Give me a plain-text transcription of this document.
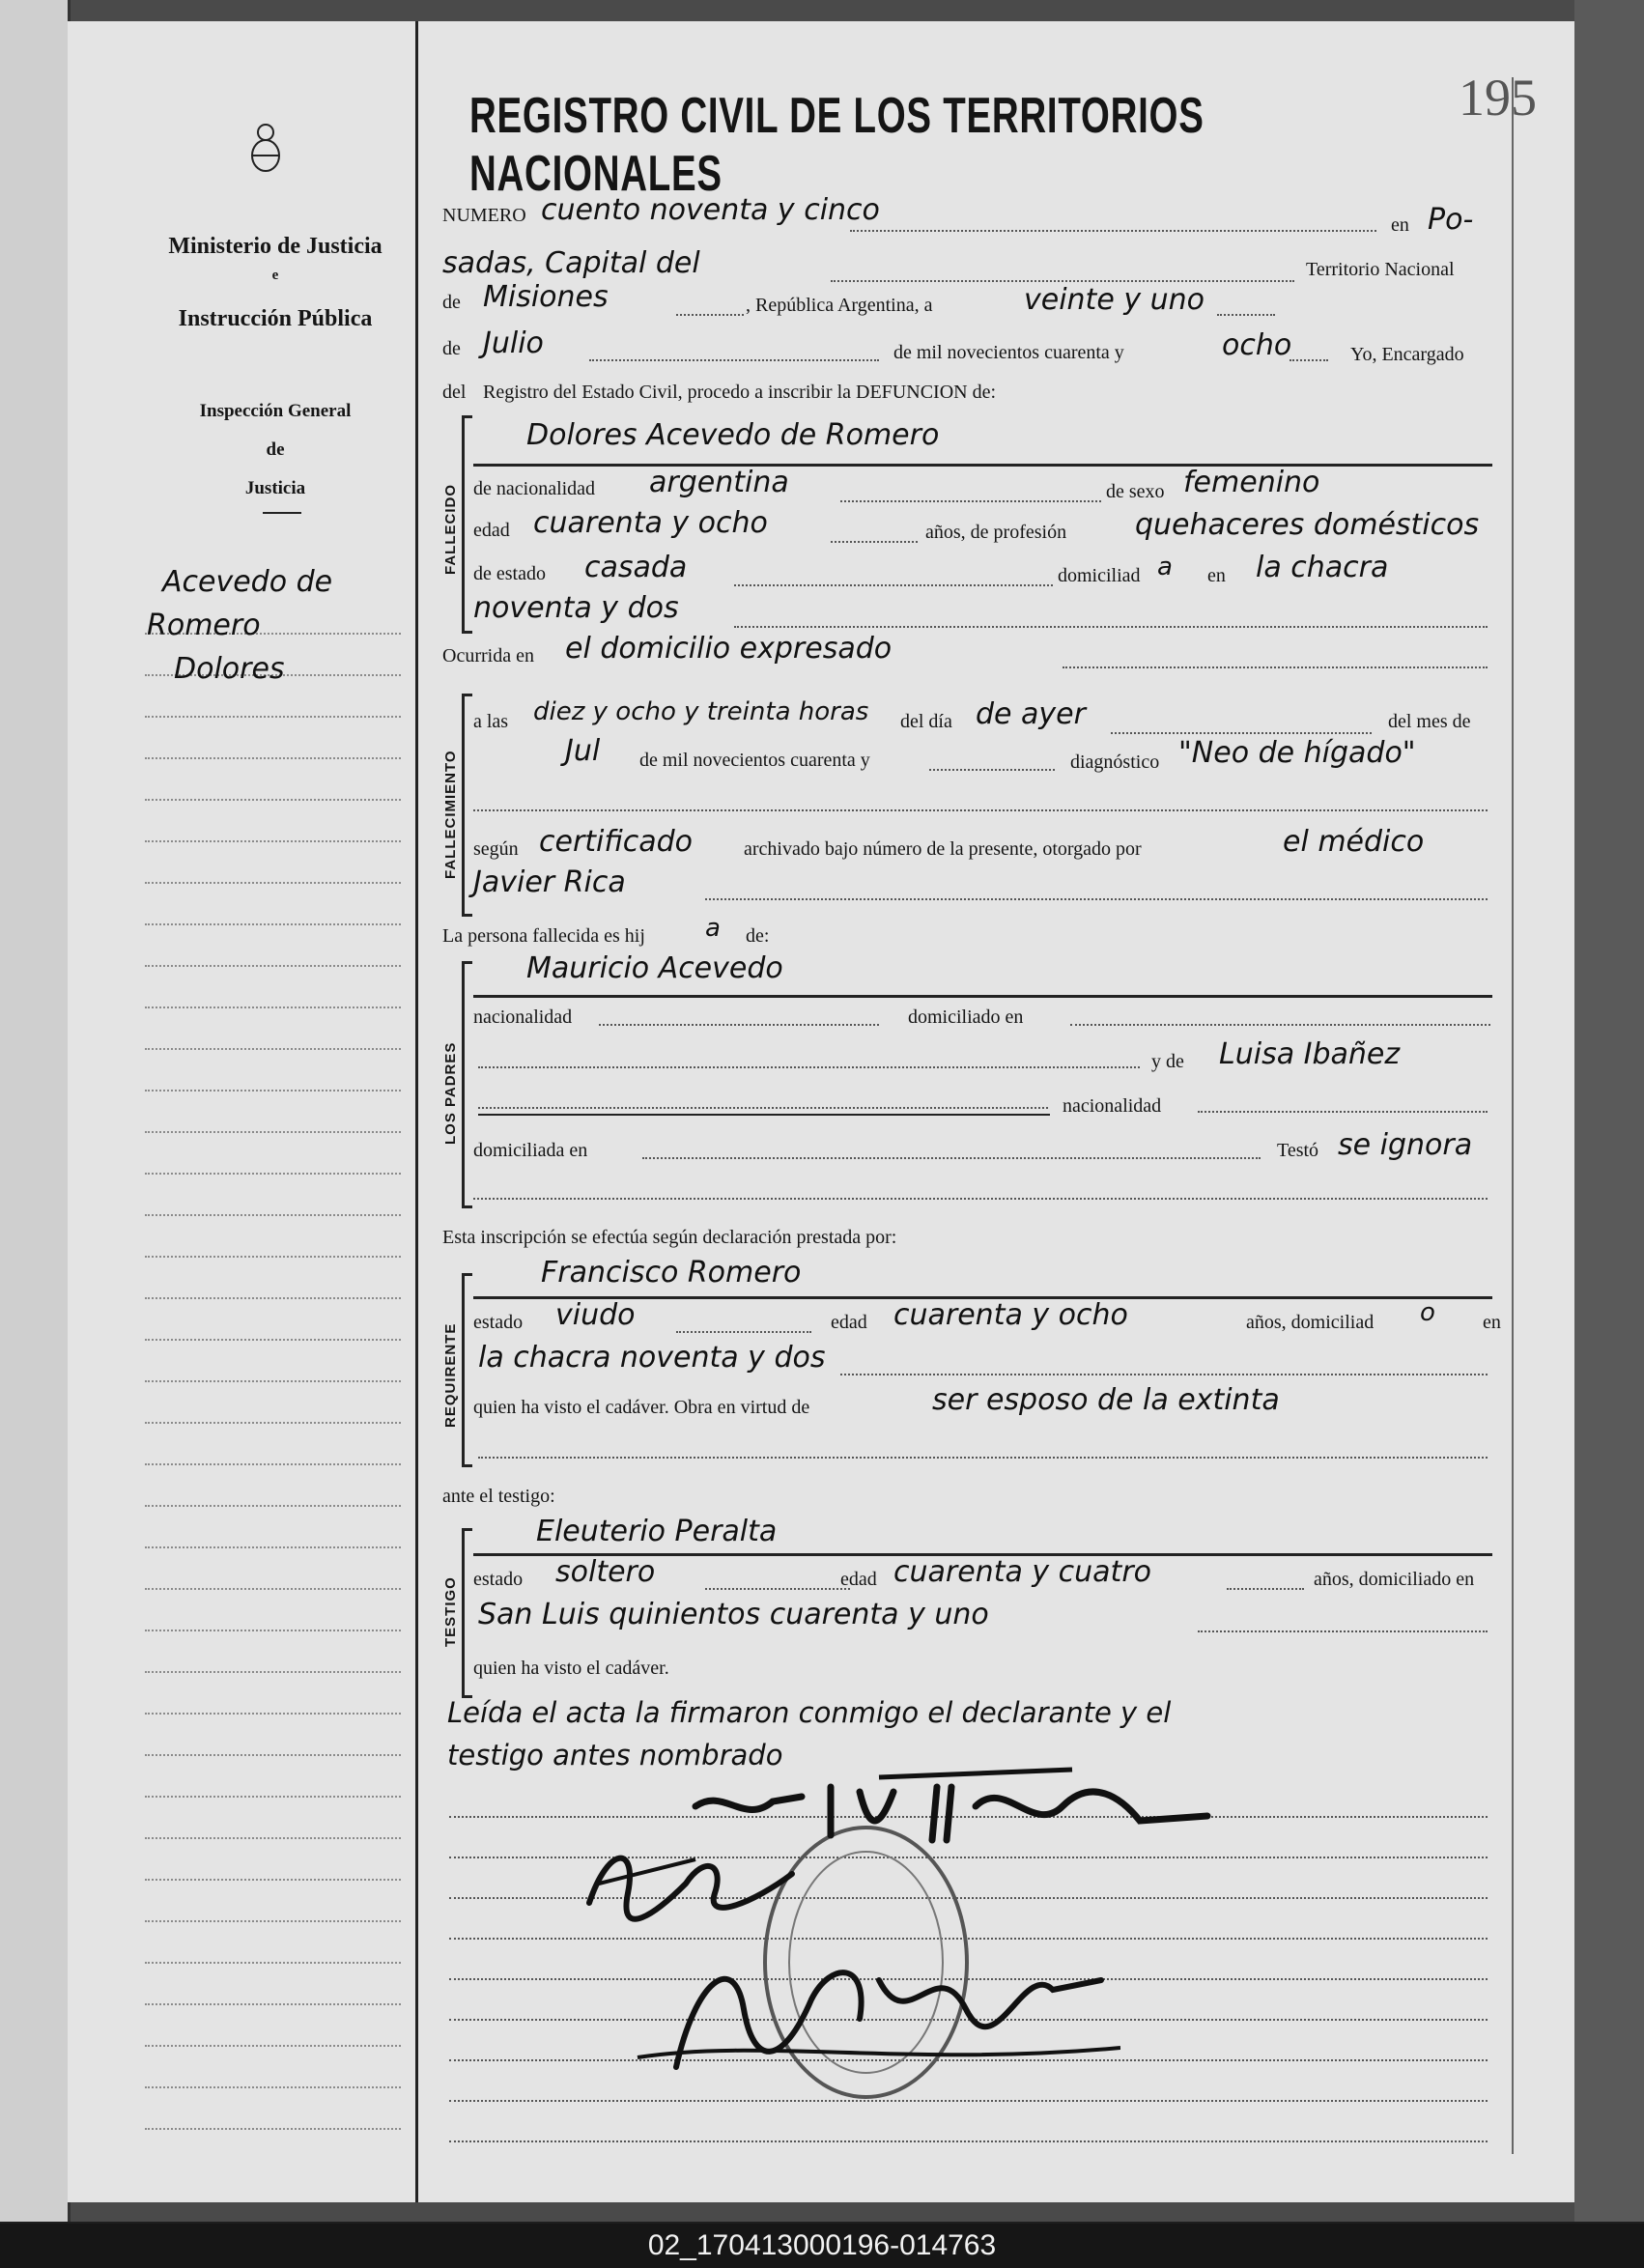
Ministerio de Justicia
e
Instrucción Pública
Inspección General
de
Justicia
Acevedo de
Romero
Dolores
REGISTRO CIVIL DE LOS TERRITORIOS NACIONALES
195
NUMERO cuento noventa y cinco	en Po-
sadas, Capital del	Territorio Nacional
de Misiones	, República Argentina, a	veinte y uno
de Julio	de mil novecientos cuarenta y	ocho	Yo, Encargado
del Registro del Estado Civil, procedo a inscribir la DEFUNCION de:
FALLECIDO
Dolores Acevedo de Romero
de nacionalidad argentina	de sexo femenino
edad cuarenta y ocho	años, de profesión quehaceres domésticos
de estado casada	domiciliad a en la chacra
noventa y dos
Ocurrida en el domicilio expresado
FALLECIMIENTO
a las diez y ocho y treinta horas del día de ayer	del mes de
Jul de mil novecientos cuarenta y	diagnóstico "Neo de hígado"
según certificado	archivado bajo número de la presente, otorgado por	el médico
Javier Rica
La persona fallecida es hij a de:
LOS PADRES
Mauricio Acevedo
nacionalidad	domiciliado en
y de Luisa Ibañez
nacionalidad
domiciliada en	Testó se ignora
Esta inscripción se efectúa según declaración prestada por:
REQUIRENTE
Francisco Romero
estado viudo	edad cuarenta y ocho	años, domiciliad o en
la chacra noventa y dos
quien ha visto el cadáver. Obra en virtud de	ser esposo de la extinta
ante el testigo:
TESTIGO
Eleuterio Peralta
estado soltero	edad cuarenta y cuatro	años, domiciliado en
San Luis quinientos cuarenta y uno
quien ha visto el cadáver.
Leída el acta la firmaron conmigo el declarante y el
testigo antes nombrado
02_170413000196-014763
